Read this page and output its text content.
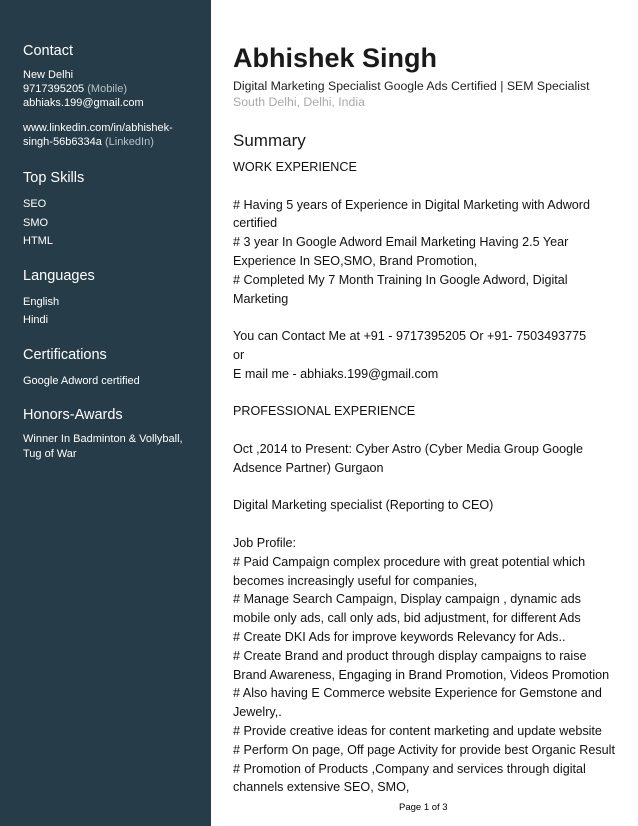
Contact
New Delhi
9717395205 (Mobile)
abhiaks.199@gmail.com
www.linkedin.com/in/abhishek-
singh-56b6334a (LinkedIn)
Top Skills
SEO
SMO
HTML
Languages
English
Hindi
Certifications
Google Adword certified
Honors-Awards
Winner In Badminton & Vollyball,
Tug of War
Abhishek Singh
Digital Marketing Specialist Google Ads Certified | SEM Specialist
South Delhi, Delhi, India
Summary
WORK EXPERIENCE
# Having 5 years of Experience in Digital Marketing with Adword
certified
# 3 year In Google Adword Email Marketing Having 2.5 Year
Experience In SEO,SMO, Brand Promotion,
# Completed My 7 Month Training In Google Adword, Digital
Marketing
You can Contact Me at +91 - 9717395205 Or +91- 7503493775
or
E mail me - abhiaks.199@gmail.com
PROFESSIONAL EXPERIENCE
Oct ,2014 to Present: Cyber Astro (Cyber Media Group Google
Adsence Partner) Gurgaon
Digital Marketing specialist (Reporting to CEO)
Job Profile:
# Paid Campaign complex procedure with great potential which
becomes increasingly useful for companies,
# Manage Search Campaign, Display campaign , dynamic ads
mobile only ads, call only ads, bid adjustment, for different Ads
# Create DKI Ads for improve keywords Relevancy for Ads..
# Create Brand and product through display campaigns to raise
Brand Awareness, Engaging in Brand Promotion, Videos Promotion
# Also having E Commerce website Experience for Gemstone and
Jewelry,.
# Provide creative ideas for content marketing and update website
# Perform On page, Off page Activity for provide best Organic Result
# Promotion of Products ,Company and services through digital
channels extensive SEO, SMO,
Page 1 of 3
